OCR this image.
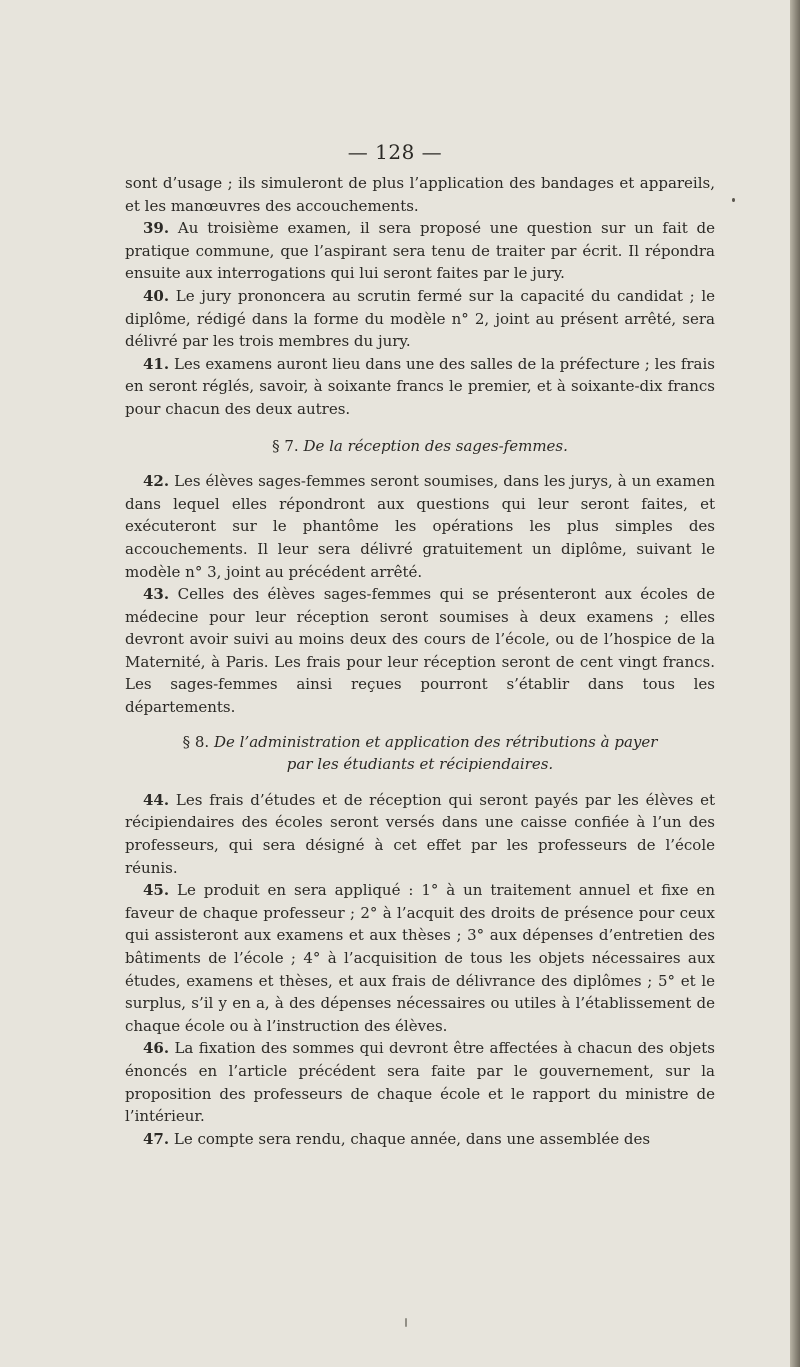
— 128 —

sont d’usage ; ils simuleront de plus l’application des bandages et appareils, et les manœuvres des accouchements.

39. Au troisième examen, il sera proposé une question sur un fait de pratique commune, que l’aspirant sera tenu de traiter par écrit. Il répondra ensuite aux interrogations qui lui seront faites par le jury.

40. Le jury prononcera au scrutin fermé sur la capacité du candidat ; le diplôme, rédigé dans la forme du modèle n° 2, joint au présent arrêté, sera délivré par les trois membres du jury.

41. Les examens auront lieu dans une des salles de la préfecture ; les frais en seront réglés, savoir, à soixante francs le premier, et à soixante-dix francs pour chacun des deux autres.

§ 7. De la réception des sages-femmes.

42. Les élèves sages-femmes seront soumises, dans les jurys, à un examen dans lequel elles répondront aux questions qui leur seront faites, et exécuteront sur le phantôme les opérations les plus simples des accouchements. Il leur sera délivré gratuitement un diplôme, suivant le modèle n° 3, joint au précédent arrêté.

43. Celles des élèves sages-femmes qui se présenteront aux écoles de médecine pour leur réception seront soumises à deux examens ; elles devront avoir suivi au moins deux des cours de l’école, ou de l’hospice de la Maternité, à Paris. Les frais pour leur réception seront de cent vingt francs. Les sages-femmes ainsi reçues pourront s’établir dans tous les départements.

§ 8. De l’administration et application des rétributions à payer
par les étudiants et récipiendaires.

44. Les frais d’études et de réception qui seront payés par les élèves et récipiendaires des écoles seront versés dans une caisse confiée à l’un des professeurs, qui sera désigné à cet effet par les professeurs de l’école réunis.

45. Le produit en sera appliqué : 1° à un traitement annuel et fixe en faveur de chaque professeur ; 2° à l’acquit des droits de présence pour ceux qui assisteront aux examens et aux thèses ; 3° aux dépenses d’entretien des bâtiments de l’école ; 4° à l’acquisition de tous les objets nécessaires aux études, examens et thèses, et aux frais de délivrance des diplômes ; 5° et le surplus, s’il y en a, à des dépenses nécessaires ou utiles à l’établissement de chaque école ou à l’instruction des élèves.

46. La fixation des sommes qui devront être affectées à chacun des objets énoncés en l’article précédent sera faite par le gouvernement, sur la proposition des professeurs de chaque école et le rapport du ministre de l’intérieur.

47. Le compte sera rendu, chaque année, dans une assemblée des
